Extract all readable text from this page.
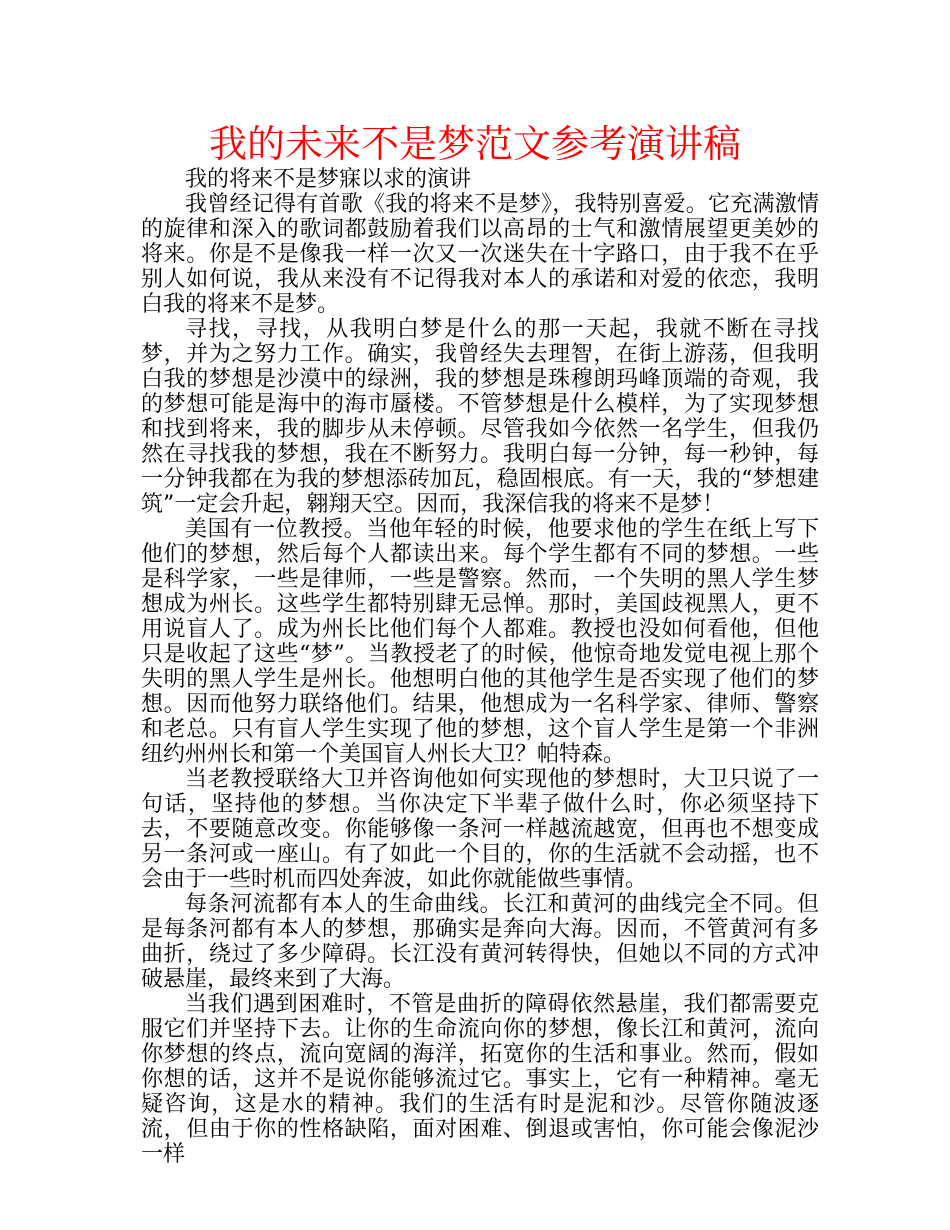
我的未来不是梦范文参考演讲稿

我的将来不是梦寐以求的演讲

我曾经记得有首歌《我的将来不是梦》，我特别喜爱。它充满激情的旋律和深入的歌词都鼓励着我们以高昂的士气和激情展望更美妙的将来。你是不是像我一样一次又一次迷失在十字路口，由于我不在乎别人如何说，我从来没有不记得我对本人的承诺和对爱的依恋，我明白我的将来不是梦。

寻找，寻找，从我明白梦是什么的那一天起，我就不断在寻找梦，并为之努力工作。确实，我曾经失去理智，在街上游荡，但我明白我的梦想是沙漠中的绿洲，我的梦想是珠穆朗玛峰顶端的奇观，我的梦想可能是海中的海市蜃楼。不管梦想是什么模样，为了实现梦想和找到将来，我的脚步从未停顿。尽管我如今依然一名学生，但我仍然在寻找我的梦想，我在不断努力。我明白每一分钟，每一秒钟，每一分钟我都在为我的梦想添砖加瓦，稳固根底。有一天，我的“梦想建筑”一定会升起，翱翔天空。因而，我深信我的将来不是梦！

美国有一位教授。当他年轻的时候，他要求他的学生在纸上写下他们的梦想，然后每个人都读出来。每个学生都有不同的梦想。一些是科学家，一些是律师，一些是警察。然而，一个失明的黑人学生梦想成为州长。这些学生都特别肆无忌惮。那时，美国歧视黑人，更不用说盲人了。成为州长比他们每个人都难。教授也没如何看他，但他只是收起了这些“梦”。当教授老了的时候，他惊奇地发觉电视上那个失明的黑人学生是州长。他想明白他的其他学生是否实现了他们的梦想。因而他努力联络他们。结果，他想成为一名科学家、律师、警察和老总。只有盲人学生实现了他的梦想，这个盲人学生是第一个非洲纽约州州长和第一个美国盲人州长大卫？帕特森。

当老教授联络大卫并咨询他如何实现他的梦想时，大卫只说了一句话，坚持他的梦想。当你决定下半辈子做什么时，你必须坚持下去，不要随意改变。你能够像一条河一样越流越宽，但再也不想变成另一条河或一座山。有了如此一个目的，你的生活就不会动摇，也不会由于一些时机而四处奔波，如此你就能做些事情。

每条河流都有本人的生命曲线。长江和黄河的曲线完全不同。但是每条河都有本人的梦想，那确实是奔向大海。因而，不管黄河有多曲折，绕过了多少障碍。长江没有黄河转得快，但她以不同的方式冲破悬崖，最终来到了大海。

当我们遇到困难时，不管是曲折的障碍依然悬崖，我们都需要克服它们并坚持下去。让你的生命流向你的梦想，像长江和黄河，流向你梦想的终点，流向宽阔的海洋，拓宽你的生活和事业。然而，假如你想的话，这并不是说你能够流过它。事实上，它有一种精神。毫无疑咨询，这是水的精神。我们的生活有时是泥和沙。尽管你随波逐流，但由于你的性格缺陷，面对困难、倒退或害怕，你可能会像泥沙一样
